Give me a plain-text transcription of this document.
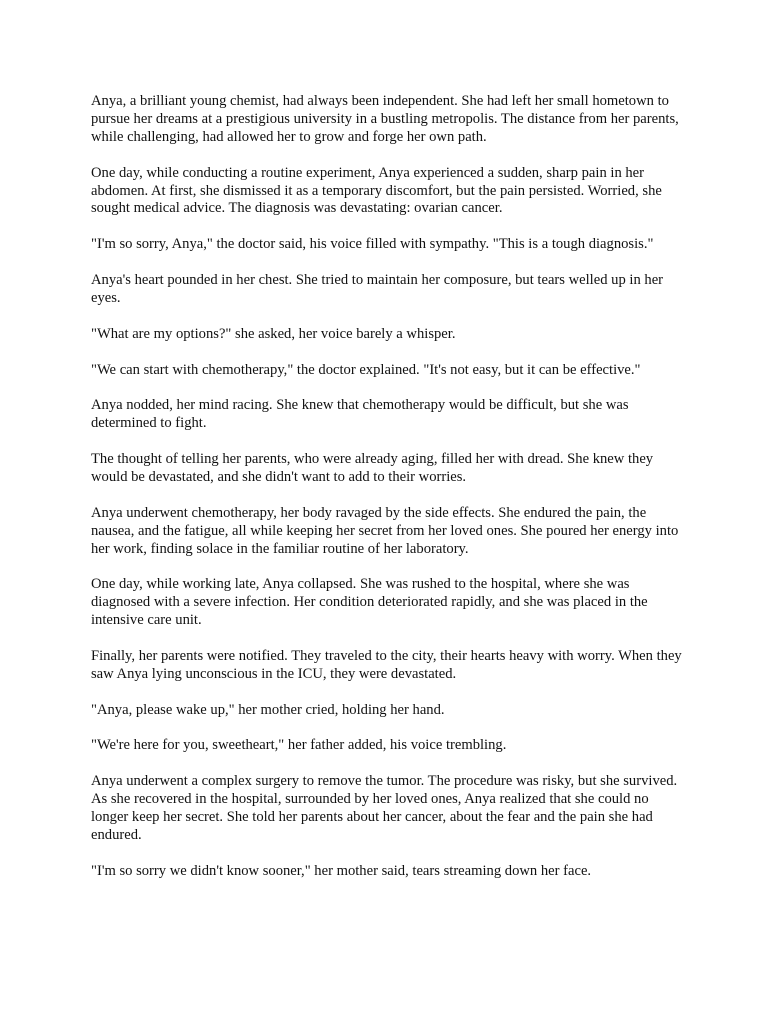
Anya, a brilliant young chemist, had always been independent. She had left her small hometown to pursue her dreams at a prestigious university in a bustling metropolis. The distance from her parents, while challenging, had allowed her to grow and forge her own path.

One day, while conducting a routine experiment, Anya experienced a sudden, sharp pain in her abdomen. At first, she dismissed it as a temporary discomfort, but the pain persisted. Worried, she sought medical advice. The diagnosis was devastating: ovarian cancer.

"I'm so sorry, Anya," the doctor said, his voice filled with sympathy. "This is a tough diagnosis."

Anya's heart pounded in her chest. She tried to maintain her composure, but tears welled up in her eyes.

"What are my options?" she asked, her voice barely a whisper.

"We can start with chemotherapy," the doctor explained. "It's not easy, but it can be effective."

Anya nodded, her mind racing. She knew that chemotherapy would be difficult, but she was determined to fight.

The thought of telling her parents, who were already aging, filled her with dread. She knew they would be devastated, and she didn't want to add to their worries.

Anya underwent chemotherapy, her body ravaged by the side effects. She endured the pain, the nausea, and the fatigue, all while keeping her secret from her loved ones. She poured her energy into her work, finding solace in the familiar routine of her laboratory.

One day, while working late, Anya collapsed. She was rushed to the hospital, where she was diagnosed with a severe infection. Her condition deteriorated rapidly, and she was placed in the intensive care unit.

Finally, her parents were notified. They traveled to the city, their hearts heavy with worry. When they saw Anya lying unconscious in the ICU, they were devastated.

"Anya, please wake up," her mother cried, holding her hand.

"We're here for you, sweetheart," her father added, his voice trembling.

Anya underwent a complex surgery to remove the tumor. The procedure was risky, but she survived. As she recovered in the hospital, surrounded by her loved ones, Anya realized that she could no longer keep her secret. She told her parents about her cancer, about the fear and the pain she had endured.

"I'm so sorry we didn't know sooner," her mother said, tears streaming down her face.
